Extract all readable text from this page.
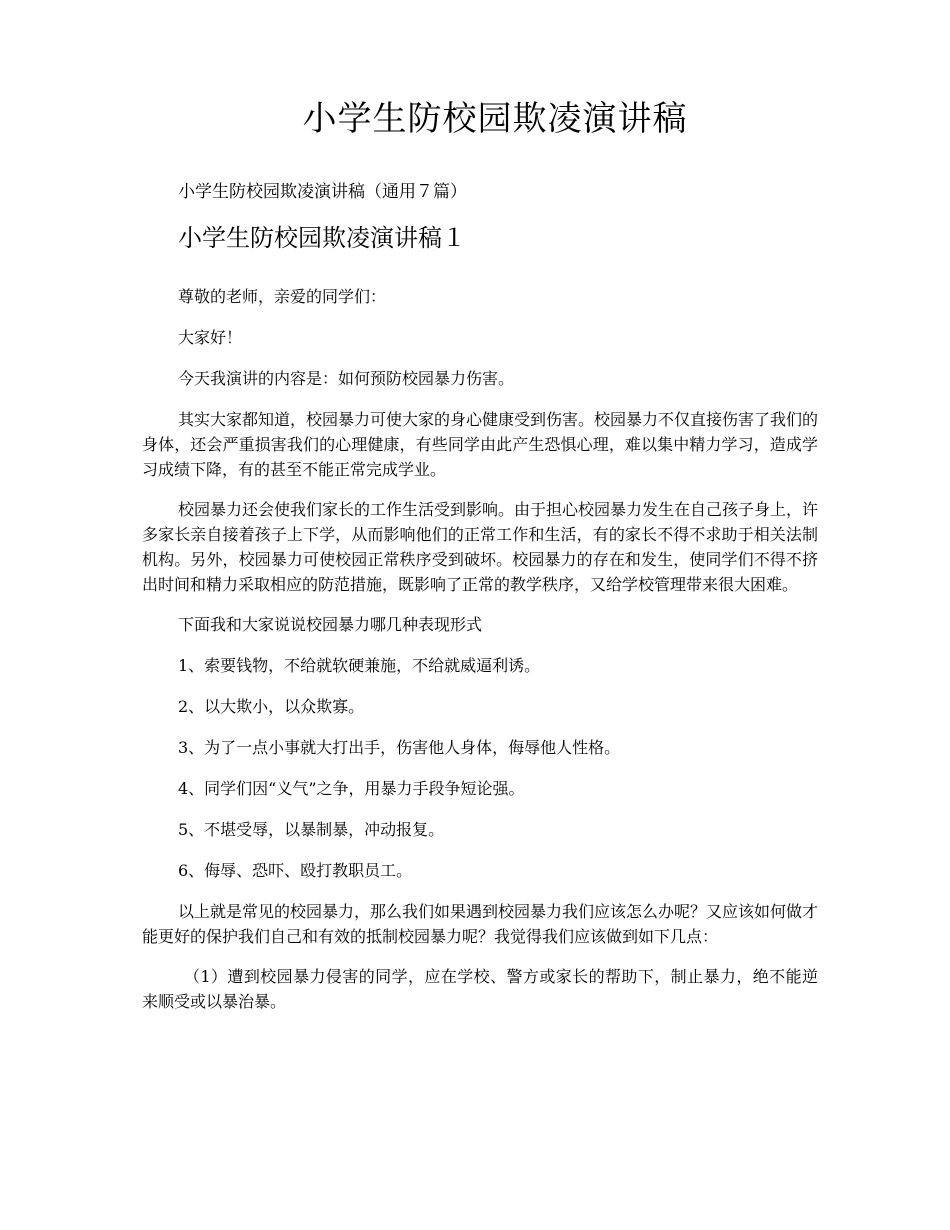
小学生防校园欺凌演讲稿
小学生防校园欺凌演讲稿（通用７篇）
小学生防校园欺凌演讲稿１

尊敬的老师，亲爱的同学们：

大家好！

今天我演讲的内容是：如何预防校园暴力伤害。

其实大家都知道，校园暴力可使大家的身心健康受到伤害。校园暴力不仅直接伤害了我们的身体，还会严重损害我们的心理健康，有些同学由此产生恐惧心理，难以集中精力学习，造成学习成绩下降，有的甚至不能正常完成学业。

校园暴力还会使我们家长的工作生活受到影响。由于担心校园暴力发生在自己孩子身上，许多家长亲自接着孩子上下学，从而影响他们的正常工作和生活，有的家长不得不求助于相关法制机构。另外，校园暴力可使校园正常秩序受到破坏。校园暴力的存在和发生，使同学们不得不挤出时间和精力采取相应的防范措施，既影响了正常的教学秩序，又给学校管理带来很大困难。

下面我和大家说说校园暴力哪几种表现形式

1、索要钱物，不给就软硬兼施，不给就威逼利诱。

2、以大欺小，以众欺寡。

3、为了一点小事就大打出手，伤害他人身体，侮辱他人性格。

4、同学们因“义气”之争，用暴力手段争短论强。

5、不堪受辱，以暴制暴，冲动报复。

6、侮辱、恐吓、殴打教职员工。

以上就是常见的校园暴力，那么我们如果遇到校园暴力我们应该怎么办呢？又应该如何做才能更好的保护我们自己和有效的抵制校园暴力呢？我觉得我们应该做到如下几点：

（1）遭到校园暴力侵害的同学，应在学校、警方或家长的帮助下，制止暴力，绝不能逆来顺受或以暴治暴。
